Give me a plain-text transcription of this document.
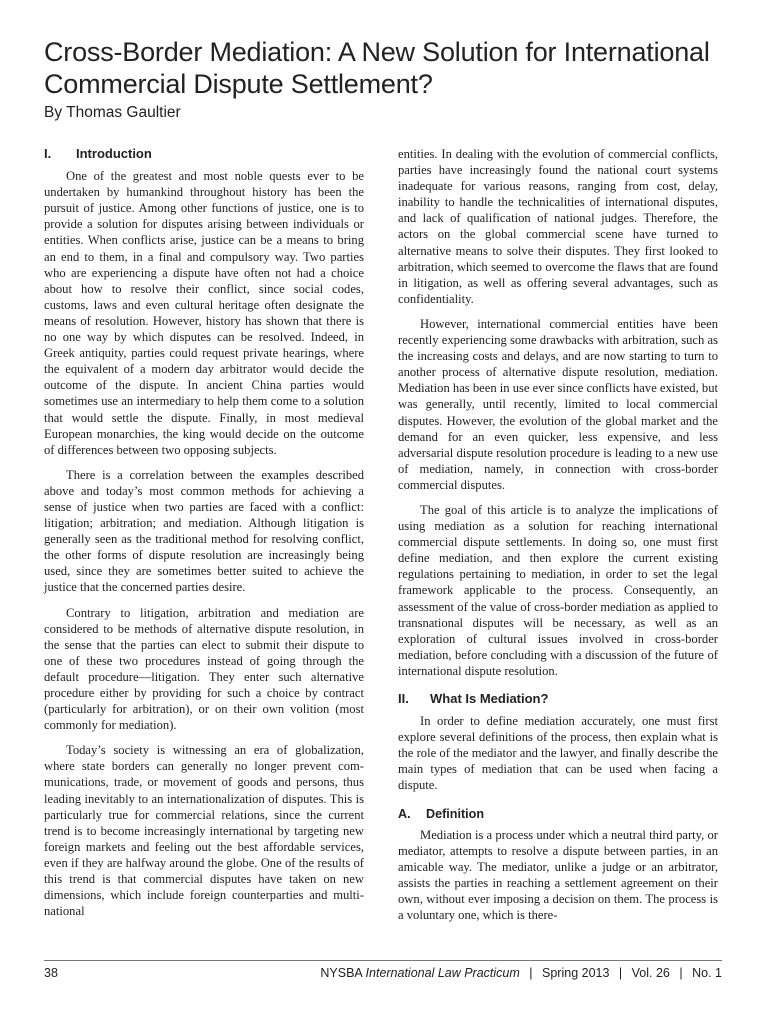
Cross-Border Mediation: A New Solution for International Commercial Dispute Settlement?

By Thomas Gaultier

I.	Introduction

One of the greatest and most noble quests ever to be undertaken by humankind throughout history has been the pursuit of justice. Among other functions of justice, one is to provide a solution for disputes arising between individuals or entities. When conflicts arise, justice can be a means to bring an end to them, in a final and compulsory way. Two parties who are experiencing a dispute have often not had a choice about how to resolve their conflict, since social codes, customs, laws and even cultural heritage often designate the means of resolution. However, history has shown that there is no one way by which disputes can be resolved. Indeed, in Greek antiquity, parties could request private hearings, where the equivalent of a modern day arbitrator would decide the outcome of the dispute. In ancient China parties would sometimes use an intermediary to help them come to a solution that would settle the dispute. Finally, in most medieval European monarchies, the king would decide on the outcome of differences between two opposing subjects.

There is a correlation between the examples described above and today’s most common methods for achieving a sense of justice when two parties are faced with a conflict: litigation; arbitration; and mediation. Although litigation is generally seen as the traditional method for resolving conflict, the other forms of dispute resolution are increasingly being used, since they are sometimes better suited to achieve the justice that the concerned parties desire.

Contrary to litigation, arbitration and mediation are considered to be methods of alternative dispute resolution, in the sense that the parties can elect to submit their dispute to one of these two procedures instead of going through the default procedure—litigation. They enter such alternative procedure either by providing for such a choice by contract (particularly for arbitration), or on their own volition (most commonly for mediation).

Today’s society is witnessing an era of globalization, where state borders can generally no longer prevent communications, trade, or movement of goods and persons, thus leading inevitably to an internationalization of disputes. This is particularly true for commercial relations, since the current trend is to become increasingly international by targeting new foreign markets and feeling out the best affordable services, even if they are halfway around the globe. One of the results of this trend is that commercial disputes have taken on new dimensions, which include foreign counterparties and multi-national

entities. In dealing with the evolution of commercial conflicts, parties have increasingly found the national court systems inadequate for various reasons, ranging from cost, delay, inability to handle the technicalities of international disputes, and lack of qualification of national judges. Therefore, the actors on the global commercial scene have turned to alternative means to solve their disputes. They first looked to arbitration, which seemed to overcome the flaws that are found in litigation, as well as offering several advantages, such as confidentiality.

However, international commercial entities have been recently experiencing some drawbacks with arbitration, such as the increasing costs and delays, and are now starting to turn to another process of alternative dispute resolution, mediation. Mediation has been in use ever since conflicts have existed, but was generally, until recently, limited to local commercial disputes. However, the evolution of the global market and the demand for an even quicker, less expensive, and less adversarial dispute resolution procedure is leading to a new use of mediation, namely, in connection with cross-border commercial disputes.

The goal of this article is to analyze the implications of using mediation as a solution for reaching international commercial dispute settlements. In doing so, one must first define mediation, and then explore the current existing regulations pertaining to mediation, in order to set the legal framework applicable to the process. Consequently, an assessment of the value of cross-border mediation as applied to transnational disputes will be necessary, as well as an exploration of cultural issues involved in cross-border mediation, before concluding with a discussion of the future of international dispute resolution.

II.	What Is Mediation?

In order to define mediation accurately, one must first explore several definitions of the process, then explain what is the role of the mediator and the lawyer, and finally describe the main types of mediation that can be used when facing a dispute.

A.	Definition

Mediation is a process under which a neutral third party, or mediator, attempts to resolve a dispute between parties, in an amicable way. The mediator, unlike a judge or an arbitrator, assists the parties in reaching a settlement agreement on their own, without ever imposing a decision on them. The process is a voluntary one, which is there-

38	NYSBA International Law Practicum | Spring 2013 | Vol. 26 | No. 1
